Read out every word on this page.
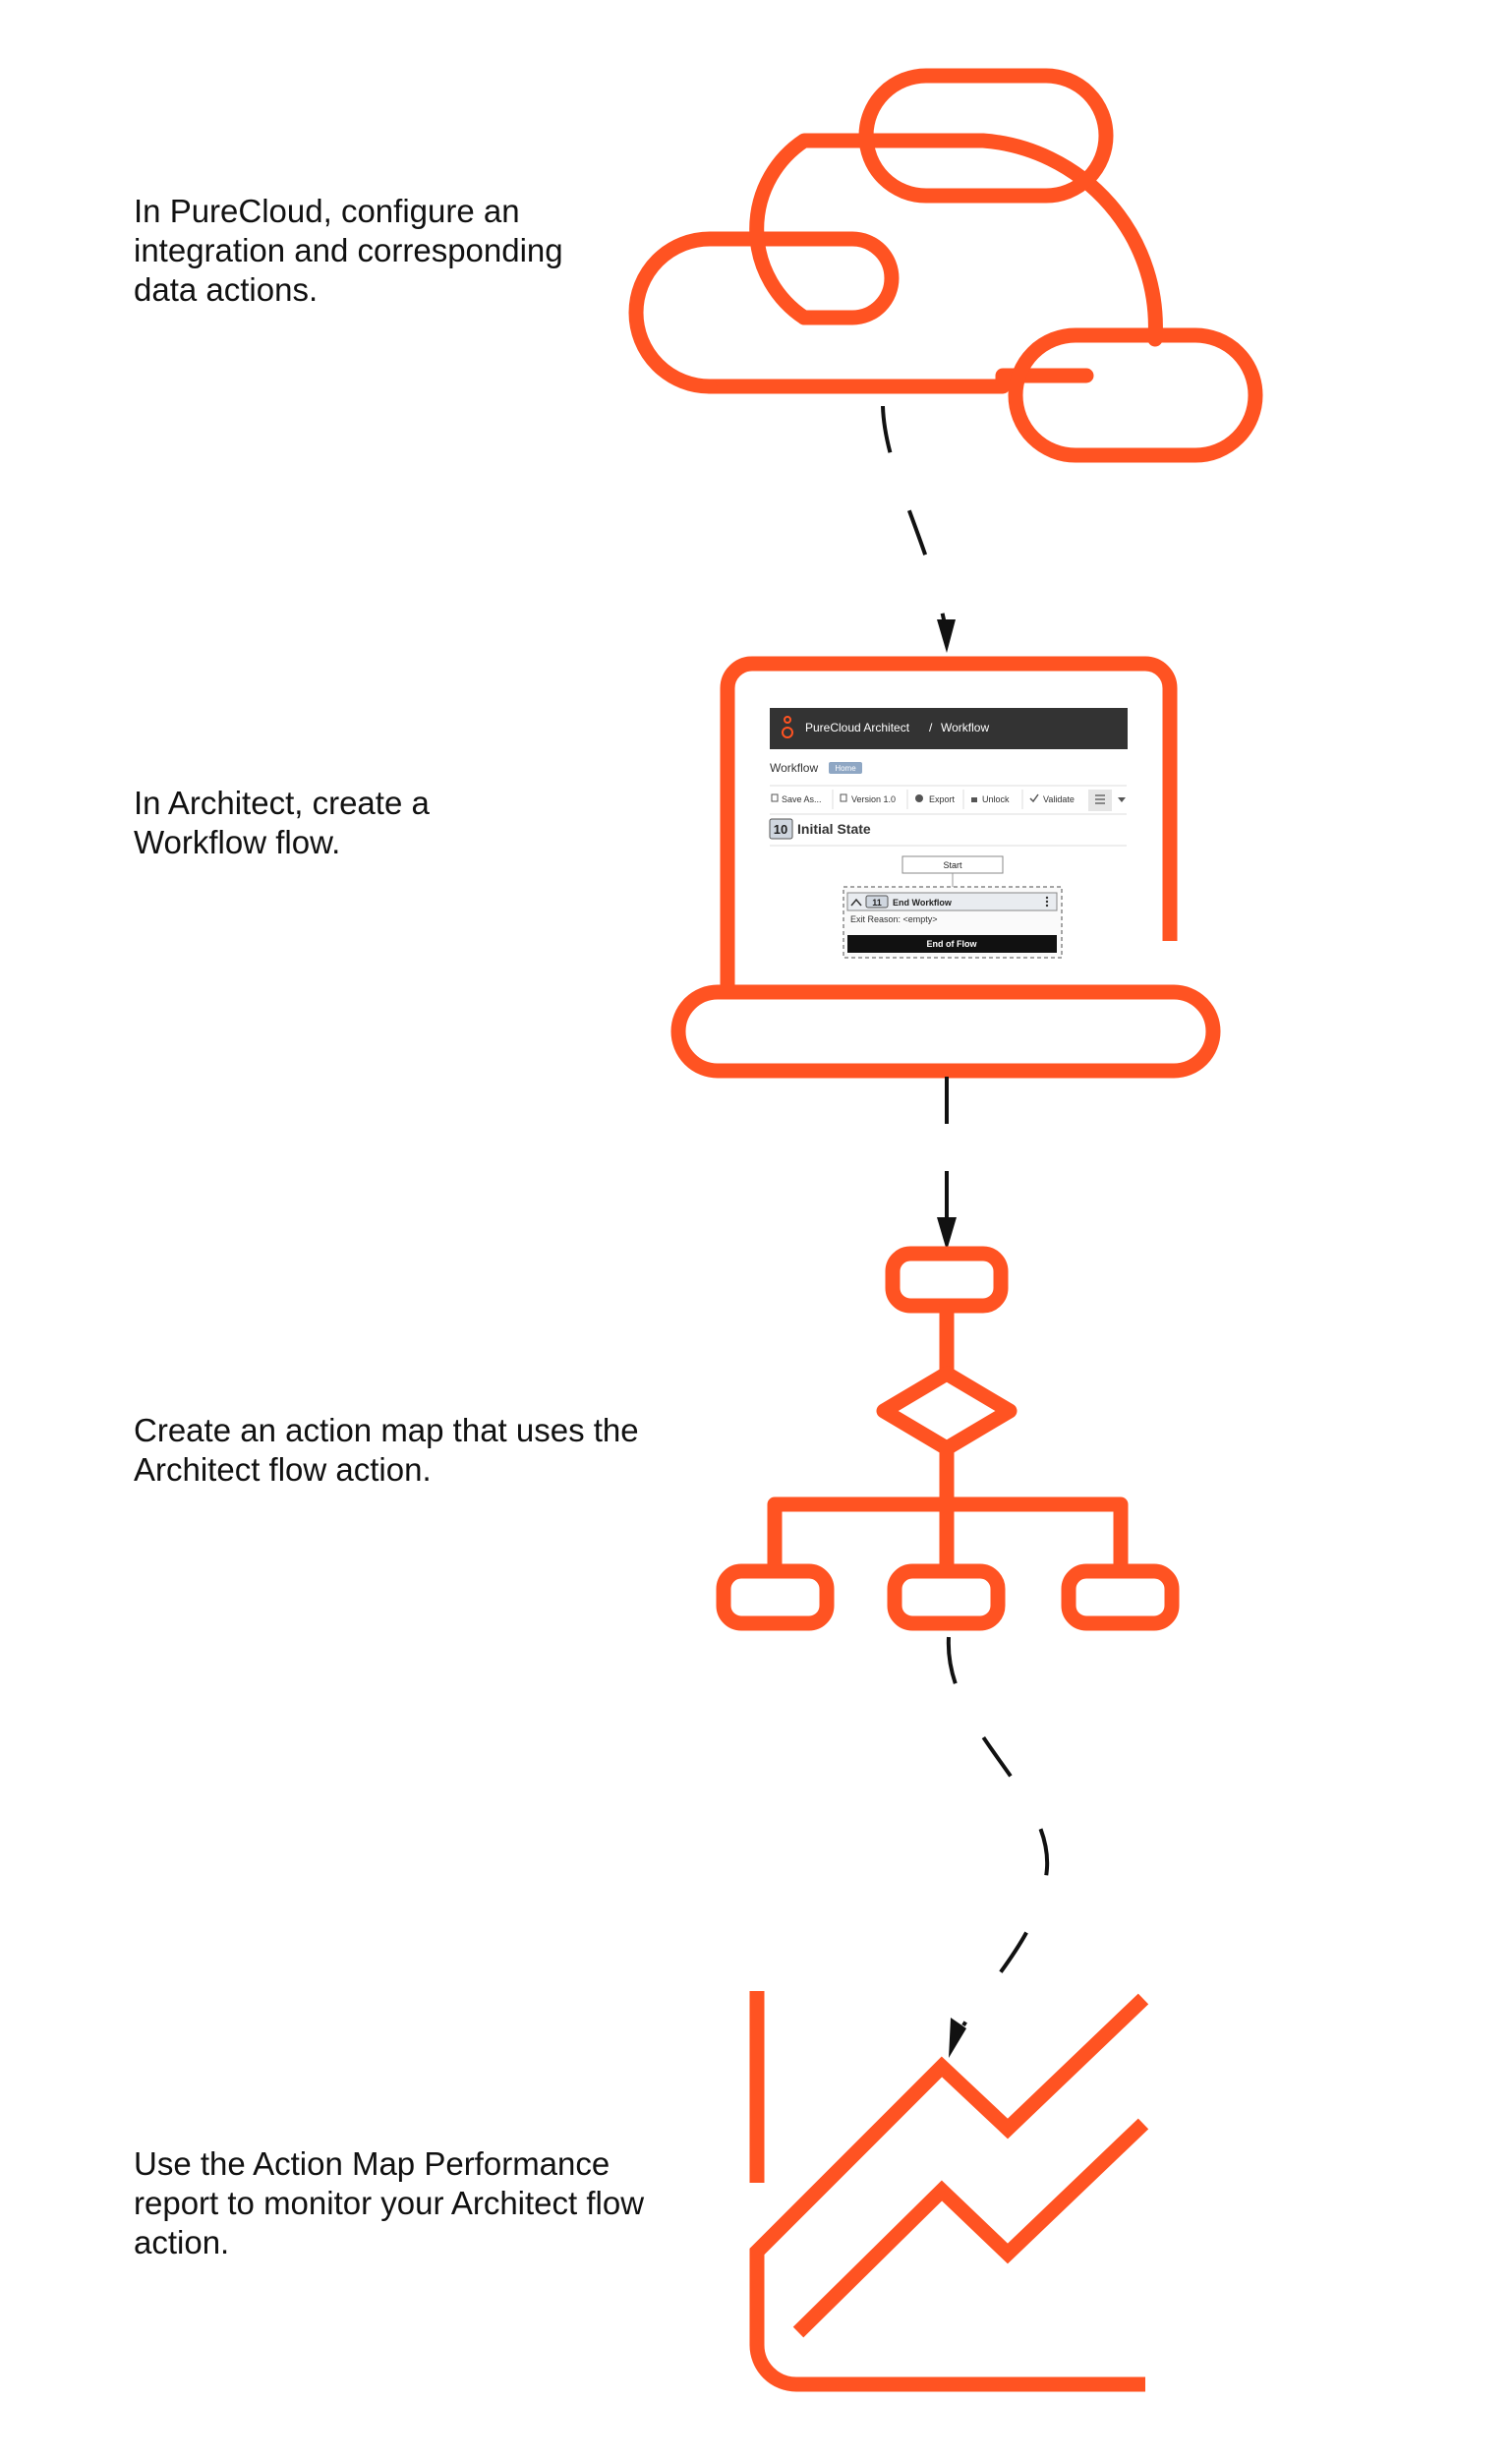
In PureCloud, configure an
integration and corresponding
data actions.
In Architect, create a
Workflow flow.
Create an action map that uses the
Architect flow action.
Use the Action Map Performance
report to monitor your Architect flow
action.
PureCloud Architect / Workflow
Workflow Home
Save As...	Version 1.0	Export	Unlock	Validate
10 Initial State
Start
11 End Workflow
Exit Reason: <empty>
End of Flow
